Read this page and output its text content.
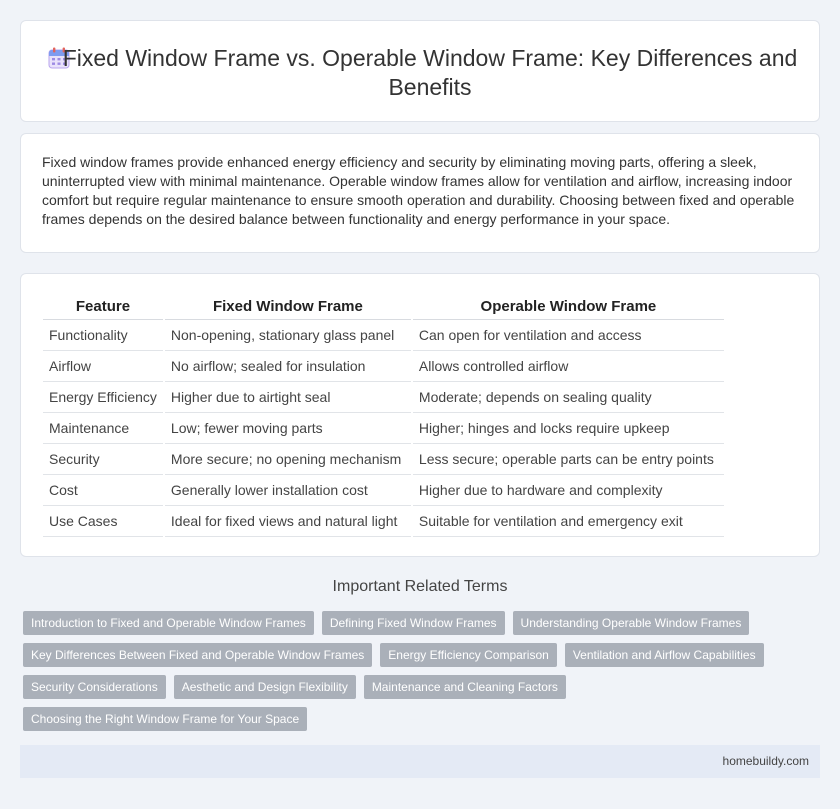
Fixed Window Frame vs. Operable Window Frame: Key Differences and Benefits

Fixed window frames provide enhanced energy efficiency and security by eliminating moving parts, offering a sleek, uninterrupted view with minimal maintenance. Operable window frames allow for ventilation and airflow, increasing indoor comfort but require regular maintenance to ensure smooth operation and durability. Choosing between fixed and operable frames depends on the desired balance between functionality and energy performance in your space.

Feature	Fixed Window Frame	Operable Window Frame
Functionality	Non-opening, stationary glass panel	Can open for ventilation and access
Airflow	No airflow; sealed for insulation	Allows controlled airflow
Energy Efficiency	Higher due to airtight seal	Moderate; depends on sealing quality
Maintenance	Low; fewer moving parts	Higher; hinges and locks require upkeep
Security	More secure; no opening mechanism	Less secure; operable parts can be entry points
Cost	Generally lower installation cost	Higher due to hardware and complexity
Use Cases	Ideal for fixed views and natural light	Suitable for ventilation and emergency exit
Important Related Terms
Introduction to Fixed and Operable Window Frames	Defining Fixed Window Frames	Understanding Operable Window Frames
Key Differences Between Fixed and Operable Window Frames	Energy Efficiency Comparison	Ventilation and Airflow Capabilities
Security Considerations	Aesthetic and Design Flexibility	Maintenance and Cleaning Factors
Choosing the Right Window Frame for Your Space
homebuildy.com
